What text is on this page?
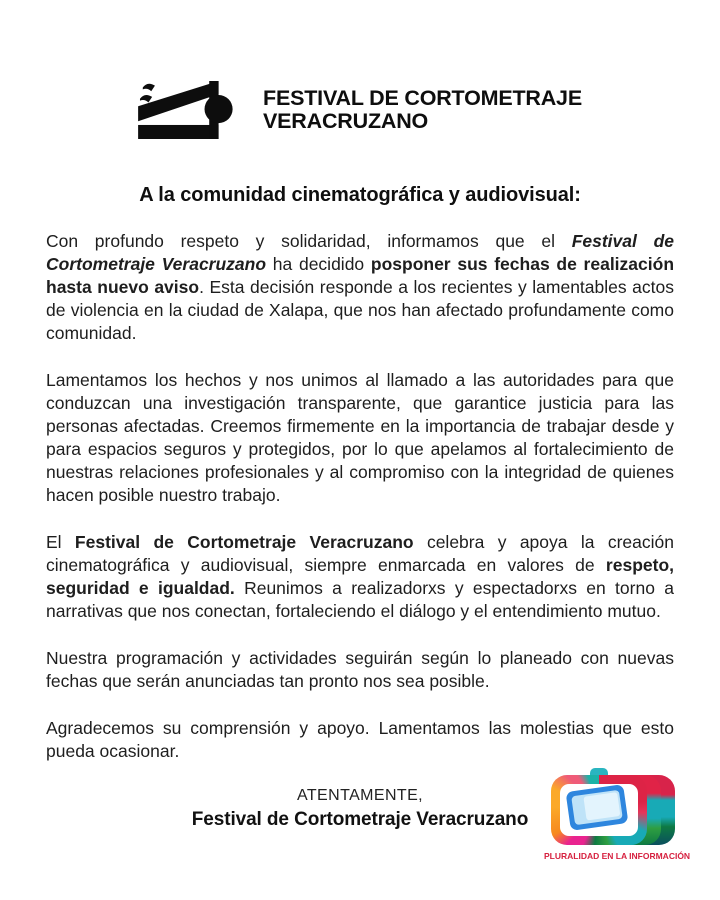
FESTIVAL DE CORTOMETRAJE
VERACRUZANO
A la comunidad cinematográfica y audiovisual:

Con profundo respeto y solidaridad, informamos que el Festival de Cortometraje Veracruzano ha decidido posponer sus fechas de realización hasta nuevo aviso. Esta decisión responde a los recientes y lamentables actos de violencia en la ciudad de Xalapa, que nos han afectado profundamente como comunidad.

Lamentamos los hechos y nos unimos al llamado a las autoridades para que conduzcan una investigación transparente, que garantice justicia para las personas afectadas. Creemos firmemente en la importancia de trabajar desde y para espacios seguros y protegidos, por lo que apelamos al fortalecimiento de nuestras relaciones profesionales y al compromiso con la integridad de quienes hacen posible nuestro trabajo.

El Festival de Cortometraje Veracruzano celebra y apoya la creación cinematográfica y audiovisual, siempre enmarcada en valores de respeto, seguridad e igualdad. Reunimos a realizadorxs y espectadorxs en torno a narrativas que nos conectan, fortaleciendo el diálogo y el entendimiento mutuo.

Nuestra programación y actividades seguirán según lo planeado con nuevas fechas que serán anunciadas tan pronto nos sea posible.

Agradecemos su comprensión y apoyo. Lamentamos las molestias que esto pueda ocasionar.

ATENTAMENTE,
Festival de Cortometraje Veracruzano
PLURALIDAD EN LA INFORMACIÓN
